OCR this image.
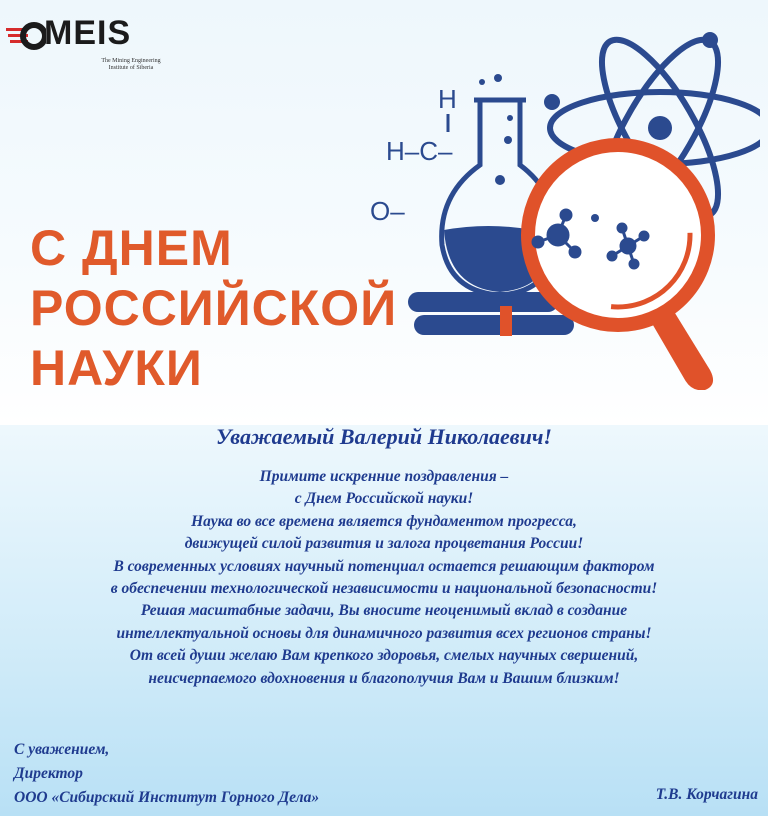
MEIS
The Mining Engineering
Institute of Siberia
С ДНЕМ
РОССИЙСКОЙ
НАУКИ
H
H–C–
O–
Уважаемый Валерий Николаевич!
Примите искренние поздравления –
с Днем Российской науки!
Наука во все времена является фундаментом прогресса,
движущей силой развития и залога процветания России!
В современных условиях научный потенциал остается решающим фактором
в обеспечении технологической независимости и национальной безопасности!
Решая масштабные задачи, Вы вносите неоценимый вклад в создание
интеллектуальной основы для динамичного развития всех регионов страны!
От всей души желаю Вам крепкого здоровья, смелых научных свершений,
неисчерпаемого вдохновения и благополучия Вам и Вашим близким!
С уважением,
Директор
ООО «Сибирский Институт Горного Дела»	Т.В. Корчагина
